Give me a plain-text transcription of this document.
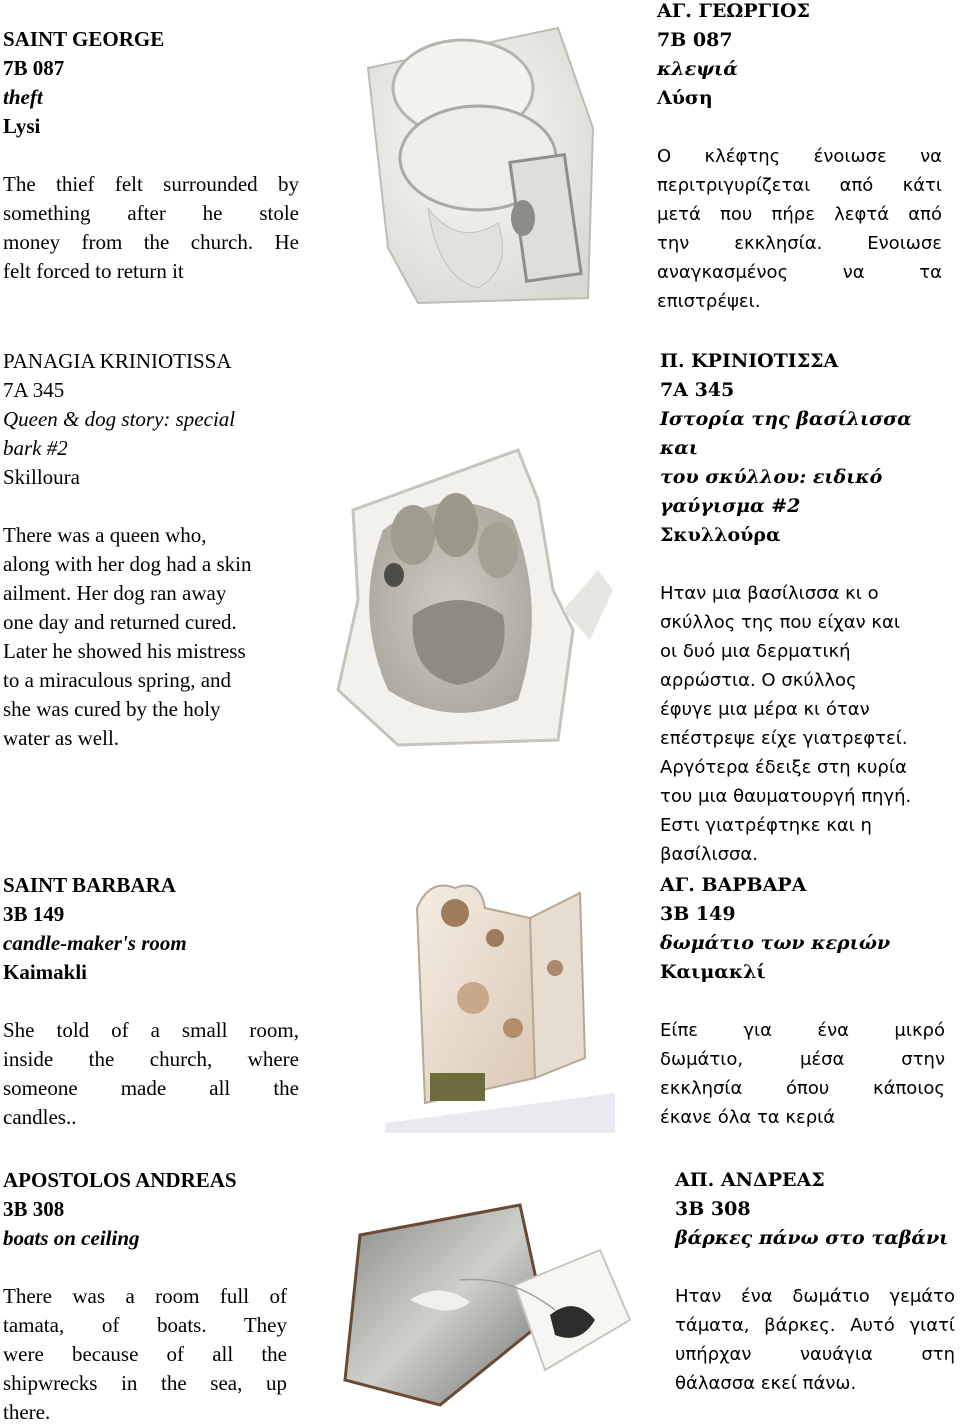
SAINT GEORGE

7B 087

theft

Lysi

The thief felt surrounded by

something after he stole

money from the church. He

felt forced to return it

ΑΓ. ΓΕΩΡΓΙΟΣ

7B 087

κλεψιά

Λύση

Ο κλέφτης ένοιωσε να

περιτριγυρίζεται από κάτι

μετά που πήρε λεφτά από

την εκκλησία. Ενοιωσε

αναγκασμένος να τα

επιστρέψει.

PANAGIA KRINIOTISSA

7A 345

Queen & dog story: special

bark #2

Skilloura

There was a queen who,

along with her dog had a skin

ailment. Her dog ran away

one day and returned cured.

Later he showed his mistress

to a miraculous spring, and

she was cured by the holy

water as well.

Π. ΚΡΙΝΙΟΤΙΣΣΑ

7A 345

Ιστορία της βασίλισσα και

του σκύλλου: ειδικό

γαύγισμα #2

Σκυλλούρα

Ηταν μια βασίλισσα κι ο

σκύλλος της που είχαν και

οι δυό μια δερματική

αρρώστια. Ο σκύλλος

έφυγε μια μέρα κι όταν

επέστρεψε είχε γιατρεφτεί.

Αργότερα έδειξε στη κυρία

του μια θαυματουργή πηγή.

Εστι γιατρέφτηκε και η

βασίλισσα.

SAINT BARBARA

3B 149

candle-maker's room

Kaimakli

She told of a small room,

inside the church, where

someone made all the

candles..

ΑΓ. ΒΑΡΒΑΡΑ

3B 149

δωμάτιο των κεριών

Καιμακλί

Είπε για ένα μικρό

δωμάτιο, μέσα στην

εκκλησία όπου κάποιος

έκανε όλα τα κεριά

APOSTOLOS ANDREAS

3B 308

boats on ceiling

There was a room full of

tamata, of boats. They

were because of all the

shipwrecks in the sea, up

there.

ΑΠ. ΑΝΔΡΕΑΣ

3B 308

βάρκες πάνω στο ταβάνι

Ηταν ένα δωμάτιο γεμάτο

τάματα, βάρκες. Αυτό γιατί

υπήρχαν ναυάγια στη

θάλασσα εκεί πάνω.
